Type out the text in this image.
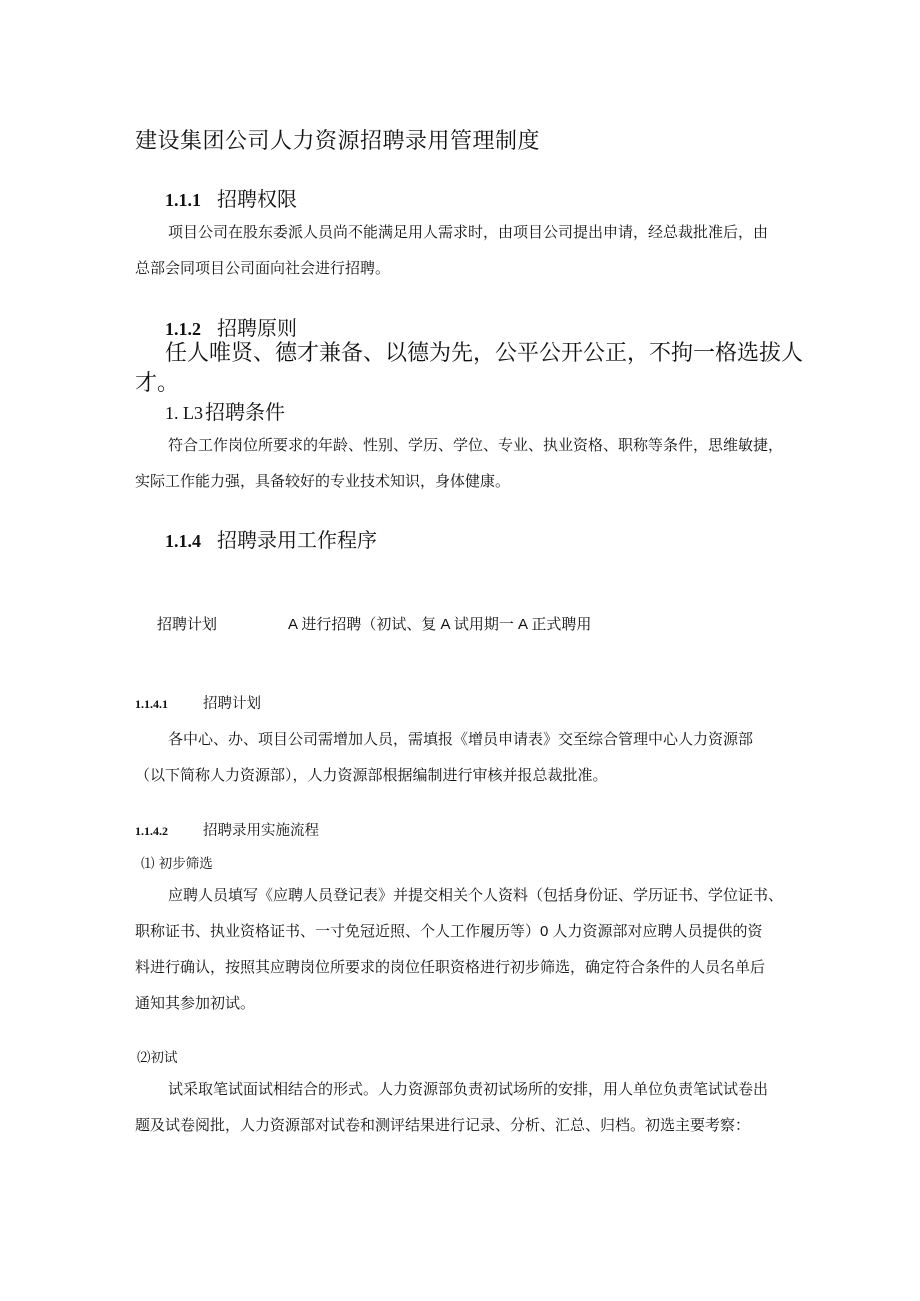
建设集团公司人力资源招聘录用管理制度
1.1.1 招聘权限

项目公司在股东委派人员尚不能满足用人需求时，由项目公司提出申请，经总裁批准后，由

总部会同项目公司面向社会进行招聘。

1.1.2 招聘原则
任人唯贤、德才兼备、以德为先，公平公开公正，不拘一格选拔人
才。
1. L3 招聘条件

符合工作岗位所要求的年龄、性别、学历、学位、专业、执业资格、职称等条件，思维敏捷，

实际工作能力强，具备较好的专业技术知识，身体健康。

1.1.4 招聘录用工作程序
招聘计划	A 进行招聘（初试、复 A 试用期一 A 正式聘用
1.1.4.1 招聘计划

各中心、办、项目公司需增加人员，需填报《增员申请表》交至综合管理中心人力资源部

（以下简称人力资源部），人力资源部根据编制进行审核并报总裁批准。

1.1.4.2 招聘录用实施流程
⑴ 初步筛选

应聘人员填写《应聘人员登记表》并提交相关个人资料（包括身份证、学历证书、学位证书、

职称证书、执业资格证书、一寸免冠近照、个人工作履历等）0 人力资源部对应聘人员提供的资

料进行确认，按照其应聘岗位所要求的岗位任职资格进行初步筛选，确定符合条件的人员名单后

通知其参加初试。

⑵初试

试采取笔试面试相结合的形式。人力资源部负责初试场所的安排，用人单位负责笔试试卷出

题及试卷阅批，人力资源部对试卷和测评结果进行记录、分析、汇总、归档。初选主要考察：
